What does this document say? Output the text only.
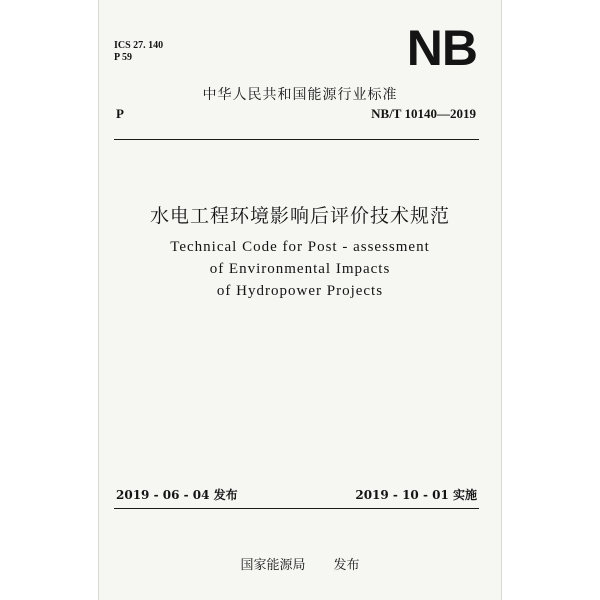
ICS 27. 140
P 59	NB
中华人民共和国能源行业标准
P	NB/T 10140—2019
水电工程环境影响后评价技术规范
Technical Code for Post - assessment
of Environmental Impacts
of Hydropower Projects
2019 - 06 - 04 发布	2019 - 10 - 01 实施
国家能源局 发布
